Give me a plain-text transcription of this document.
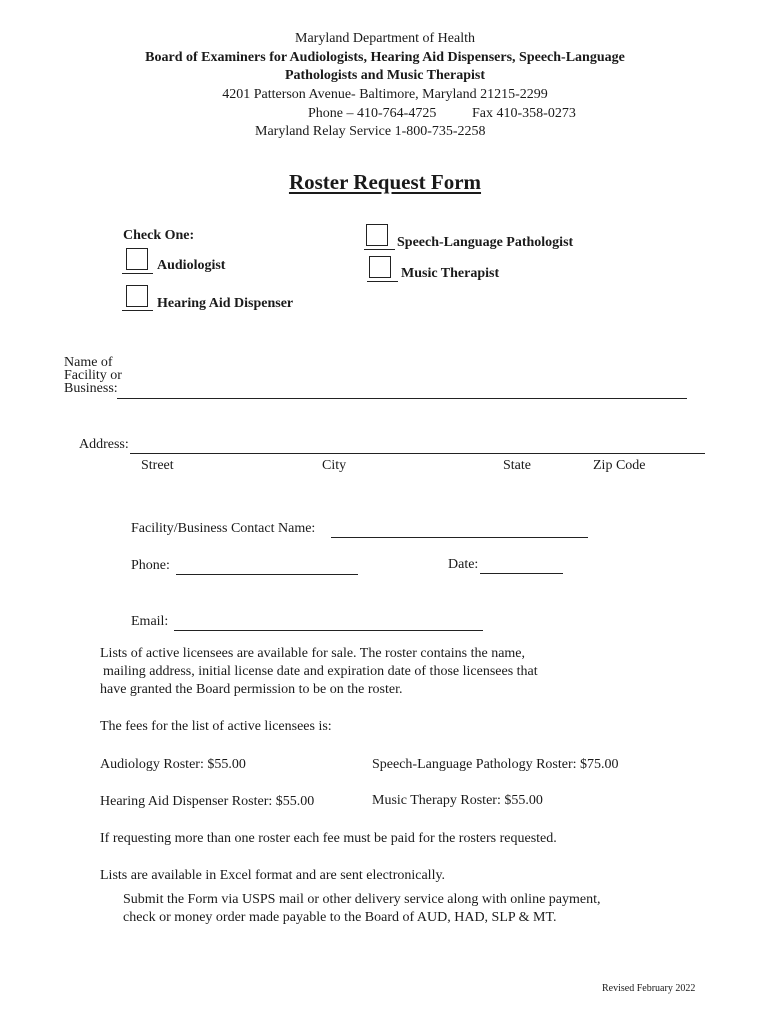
Maryland Department of Health
Board of Examiners for Audiologists, Hearing Aid Dispensers, Speech-Language
Pathologists and Music Therapist
4201 Patterson Avenue- Baltimore, Maryland 21215-2299
Phone – 410-764-4725	Fax 410-358-0273
Maryland Relay Service 1-800-735-2258
Roster Request Form
Check One:
Audiologist
Hearing Aid Dispenser
Speech-Language Pathologist
Music Therapist
Name of
Facility or
Business:
Address:
Street	City	State	Zip Code
Facility/Business Contact Name:
Phone:	Date:
Email:
Lists of active licensees are available for sale. The roster contains the name,
mailing address, initial license date and expiration date of those licensees that
have granted the Board permission to be on the roster.
The fees for the list of active licensees is:
Audiology Roster: $55.00	Speech-Language Pathology Roster: $75.00
Hearing Aid Dispenser Roster: $55.00	Music Therapy Roster: $55.00
If requesting more than one roster each fee must be paid for the rosters requested.
Lists are available in Excel format and are sent electronically.
Submit the Form via USPS mail or other delivery service along with online payment,
check or money order made payable to the Board of AUD, HAD, SLP & MT.
Revised February 2022
